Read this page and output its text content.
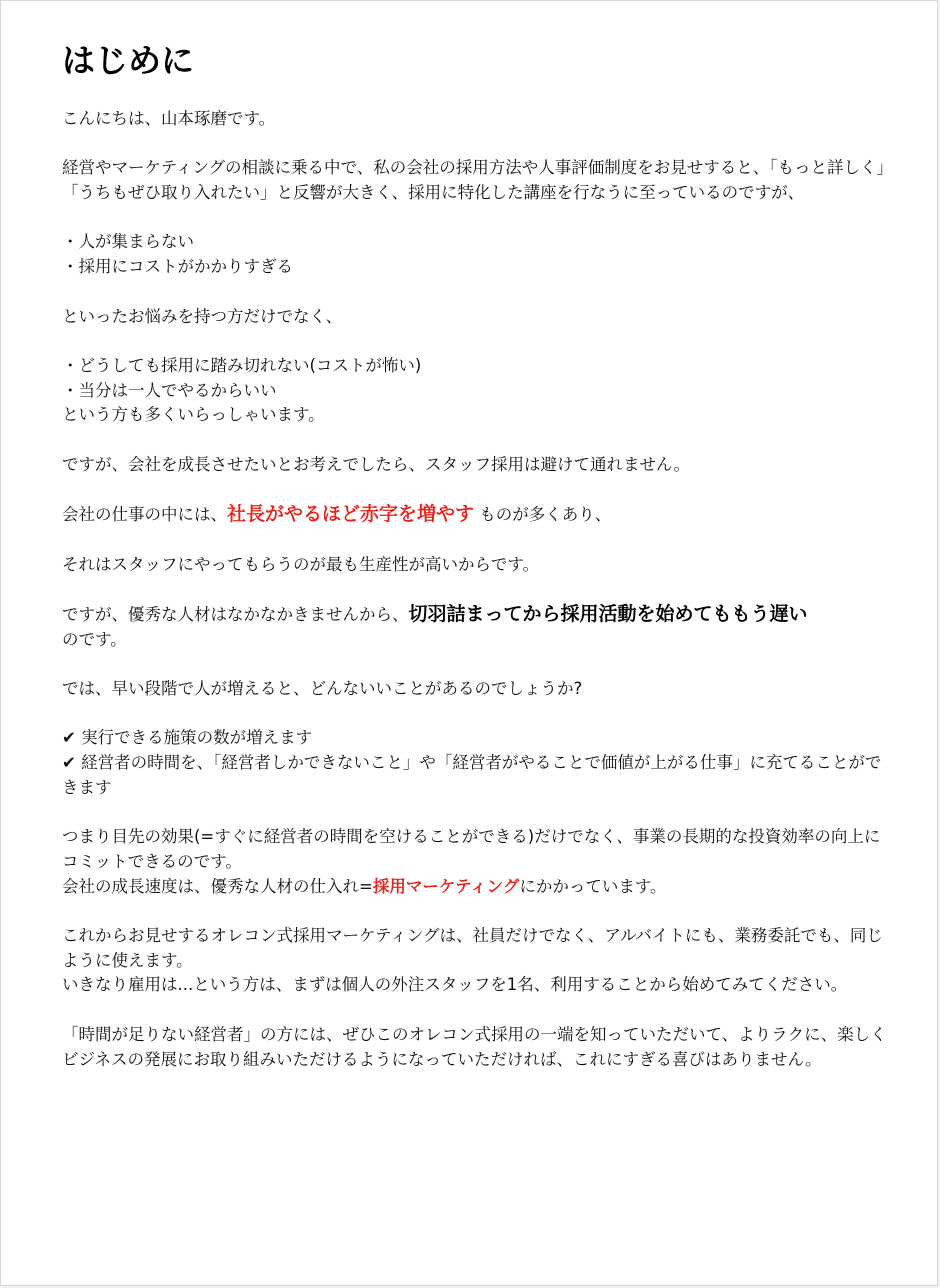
はじめに

こんにちは、山本琢磨です。

経営やマーケティングの相談に乗る中で、私の会社の採用方法や人事評価制度をお見せすると、「もっと詳しく」「うちもぜひ取り入れたい」と反響が大きく、採用に特化した講座を行なうに至っているのですが、

・人が集まらない

・採用にコストがかかりすぎる

といったお悩みを持つ方だけでなく、

・どうしても採用に踏み切れない(コストが怖い)

・当分は一人でやるからいい

という方も多くいらっしゃいます。

ですが、会社を成長させたいとお考えでしたら、スタッフ採用は避けて通れません。

会社の仕事の中には、社長がやるほど赤字を増やす ものが多くあり、

それはスタッフにやってもらうのが最も生産性が高いからです。

ですが、優秀な人材はなかなかきませんから、切羽詰まってから採用活動を始めてももう遅い
のです。

では、早い段階で人が増えると、どんないいことがあるのでしょうか?

✔ 実行できる施策の数が増えます

✔ 経営者の時間を、「経営者しかできないこと」や「経営者がやることで価値が上がる仕事」に充てることができます

つまり目先の効果(=すぐに経営者の時間を空けることができる)だけでなく、事業の長期的な投資効率の向上にコミットできるのです。

会社の成長速度は、優秀な人材の仕入れ=採用マーケティングにかかっています。

これからお見せするオレコン式採用マーケティングは、社員だけでなく、アルバイトにも、業務委託でも、同じように使えます。

いきなり雇用は...という方は、まずは個人の外注スタッフを1名、利用することから始めてみてください。

「時間が足りない経営者」の方には、ぜひこのオレコン式採用の一端を知っていただいて、よりラクに、楽しくビジネスの発展にお取り組みいただけるようになっていただければ、これにすぎる喜びはありません。
